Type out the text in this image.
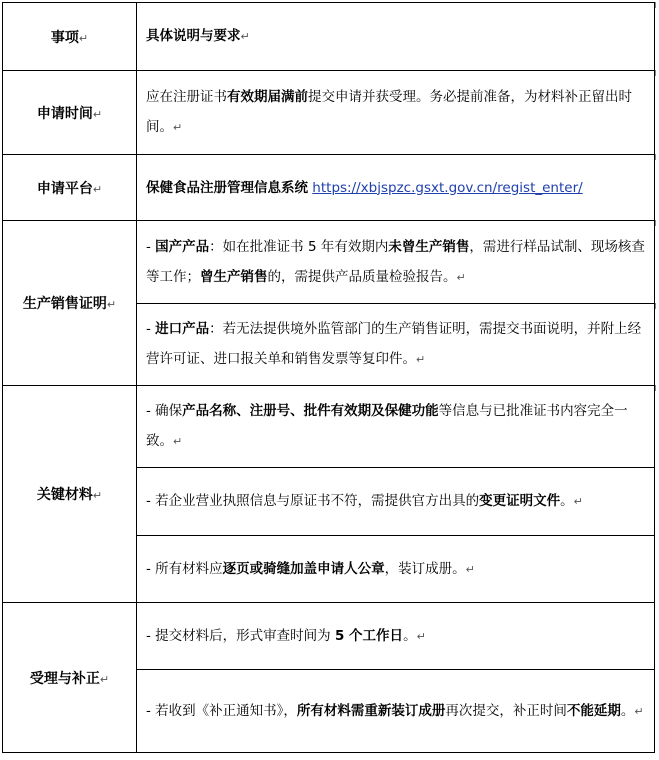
事项↵	具体说明与要求↵
申请时间↵	应在注册证书有效期届满前提交申请并获受理。务必提前准备，为材料补正留出时间。↵
申请平台↵	保健食品注册管理信息系统 https://xbjspzc.gsxt.gov.cn/regist_enter/
生产销售证明↵	- 国产产品：如在批准证书 5 年有效期内未曾生产销售，需进行样品试制、现场核查等工作；曾生产销售的，需提供产品质量检验报告。↵
	- 进口产品：若无法提供境外监管部门的生产销售证明，需提交书面说明，并附上经营许可证、进口报关单和销售发票等复印件。↵
关键材料↵	- 确保产品名称、注册号、批件有效期及保健功能等信息与已批准证书内容完全一致。↵
	- 若企业营业执照信息与原证书不符，需提供官方出具的变更证明文件。↵
	- 所有材料应逐页或骑缝加盖申请人公章，装订成册。↵
受理与补正↵	- 提交材料后，形式审查时间为 5 个工作日。↵
	- 若收到《补正通知书》，所有材料需重新装订成册再次提交，补正时间不能延期。↵
